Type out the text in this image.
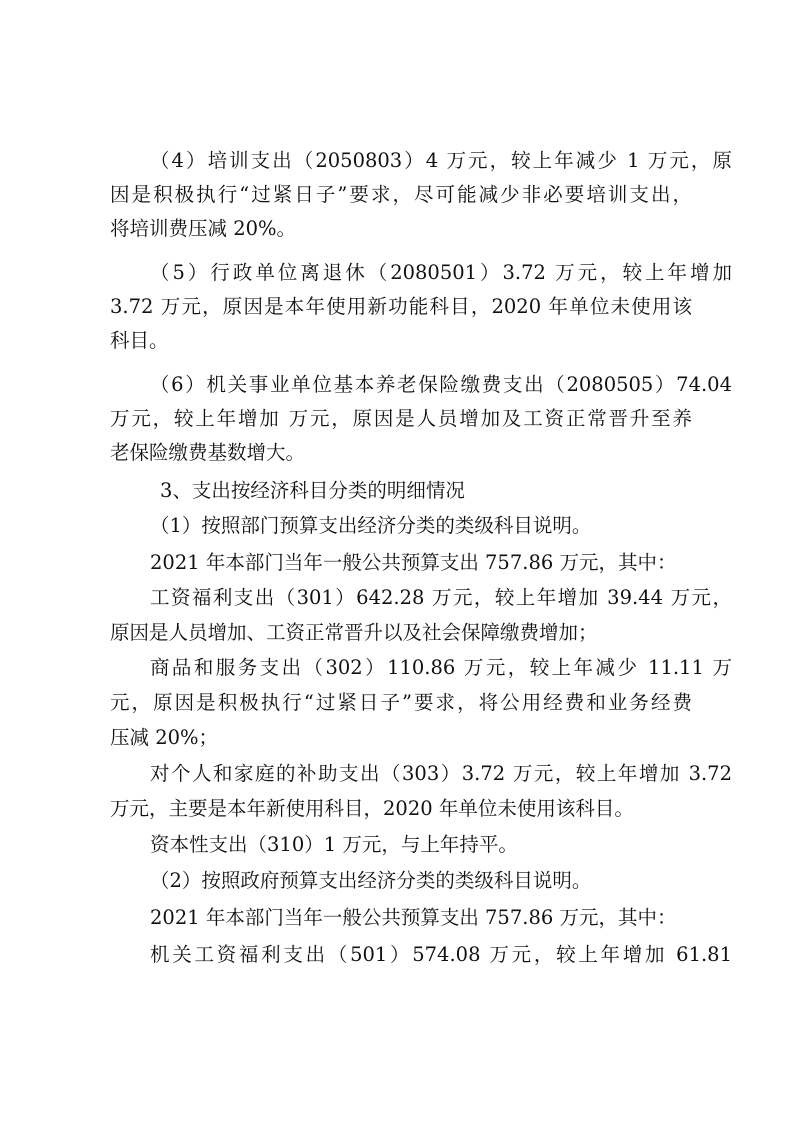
（4）培训支出（2050803）4 万元，较上年减少 1 万元，原
因是积极执行“过紧日子”要求，尽可能减少非必要培训支出，
将培训费压减 20%。
（5）行政单位离退休（2080501）3.72 万元，较上年增加
3.72 万元，原因是本年使用新功能科目，2020 年单位未使用该
科目。
（6）机关事业单位基本养老保险缴费支出（2080505）74.04
万元，较上年增加 万元，原因是人员增加及工资正常晋升至养
老保险缴费基数增大。
3、支出按经济科目分类的明细情况
（1）按照部门预算支出经济分类的类级科目说明。
2021 年本部门当年一般公共预算支出 757.86 万元，其中：
工资福利支出（301）642.28 万元，较上年增加 39.44 万元，
原因是人员增加、工资正常晋升以及社会保障缴费增加；
商品和服务支出（302）110.86 万元，较上年减少 11.11 万
元，原因是积极执行“过紧日子”要求，将公用经费和业务经费
压减 20%；
对个人和家庭的补助支出（303）3.72 万元，较上年增加 3.72
万元，主要是本年新使用科目，2020 年单位未使用该科目。
资本性支出（310）1 万元，与上年持平。
（2）按照政府预算支出经济分类的类级科目说明。
2021 年本部门当年一般公共预算支出 757.86 万元，其中：
机关工资福利支出（501）574.08 万元，较上年增加 61.81
